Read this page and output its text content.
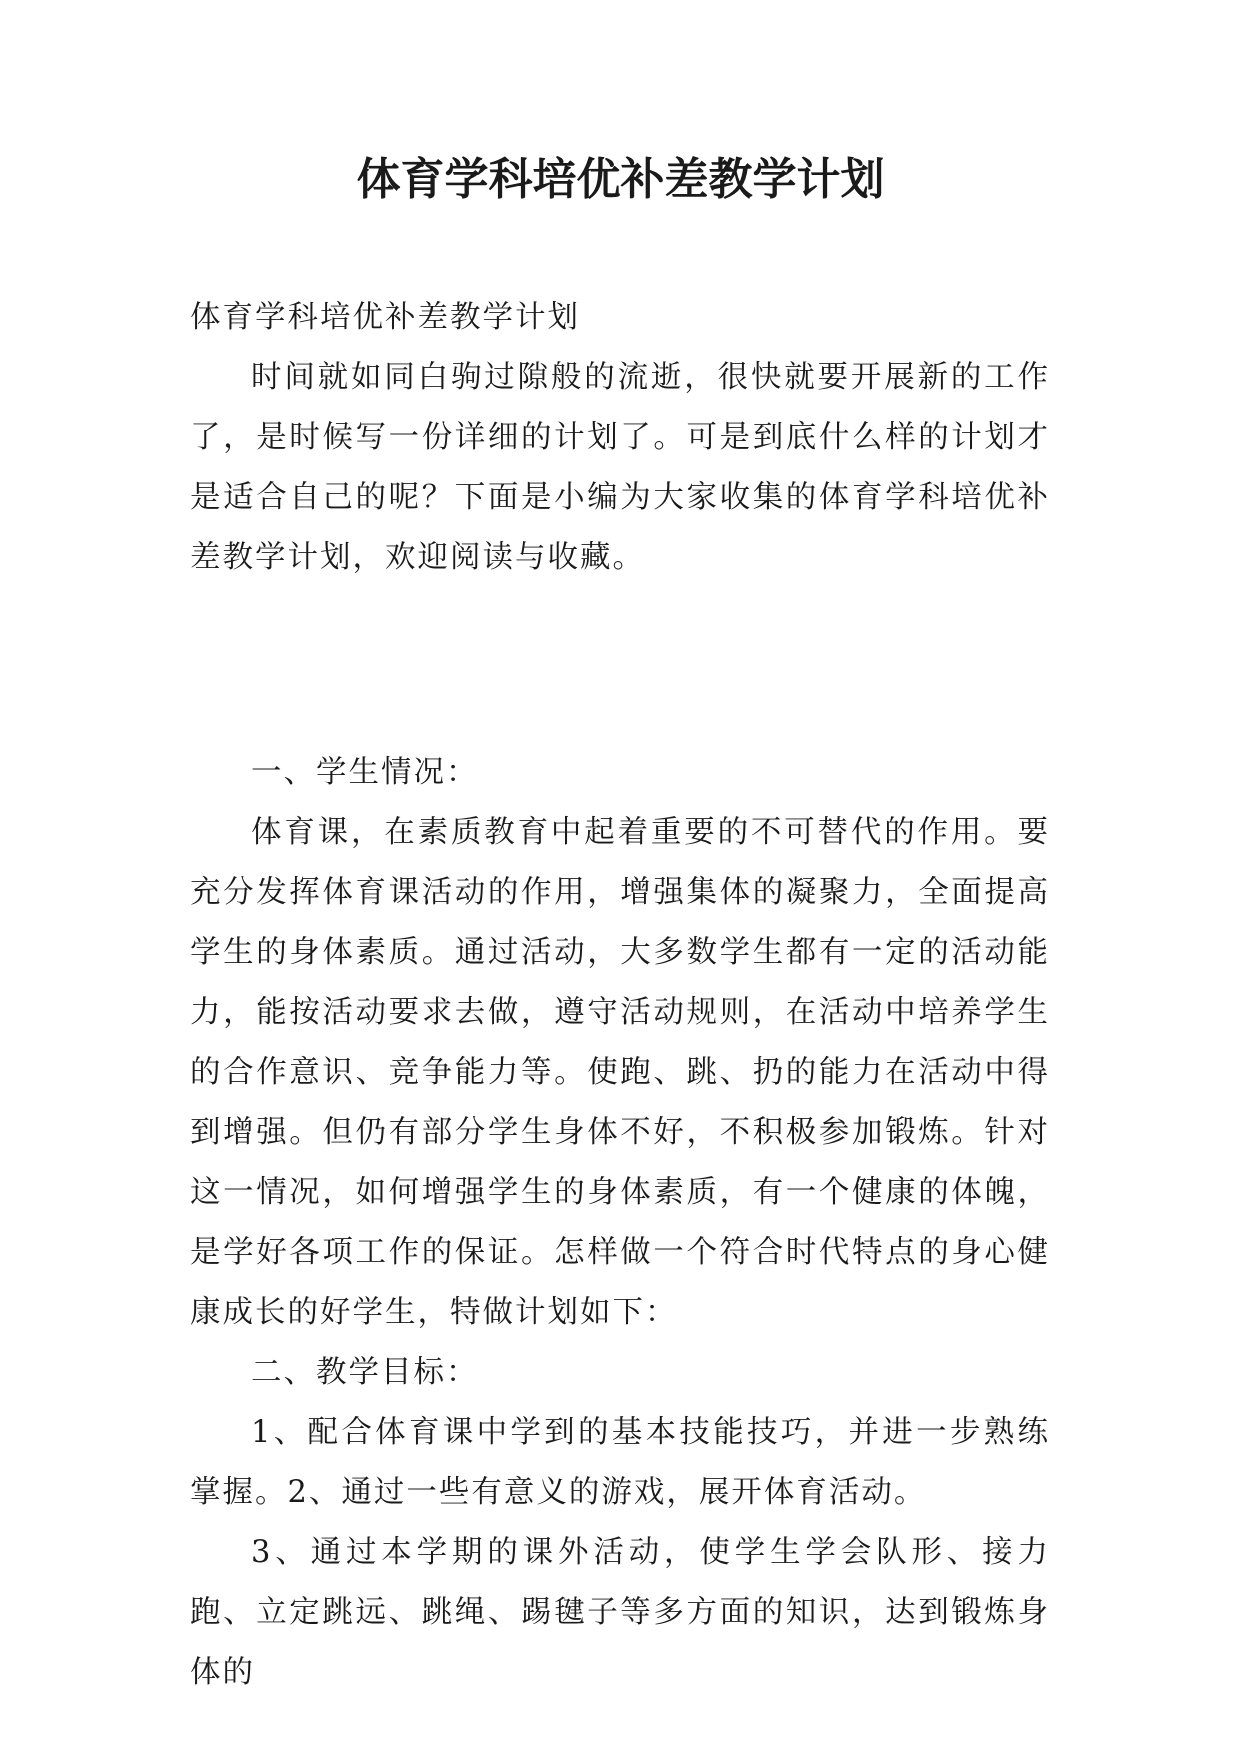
体育学科培优补差教学计划

体育学科培优补差教学计划

时间就如同白驹过隙般的流逝，很快就要开展新的工作了，是时候写一份详细的计划了。可是到底什么样的计划才是适合自己的呢？下面是小编为大家收集的体育学科培优补差教学计划，欢迎阅读与收藏。

一、学生情况：

体育课，在素质教育中起着重要的不可替代的作用。要充分发挥体育课活动的作用，增强集体的凝聚力，全面提高学生的身体素质。通过活动，大多数学生都有一定的活动能力，能按活动要求去做，遵守活动规则，在活动中培养学生的合作意识、竞争能力等。使跑、跳、扔的能力在活动中得到增强。但仍有部分学生身体不好，不积极参加锻炼。针对这一情况，如何增强学生的身体素质，有一个健康的体魄，是学好各项工作的保证。怎样做一个符合时代特点的身心健康成长的好学生，特做计划如下：

二、教学目标：

1、配合体育课中学到的基本技能技巧，并进一步熟练掌握。2、通过一些有意义的游戏，展开体育活动。

3、通过本学期的课外活动，使学生学会队形、接力跑、立定跳远、跳绳、踢毽子等多方面的知识，达到锻炼身体的
